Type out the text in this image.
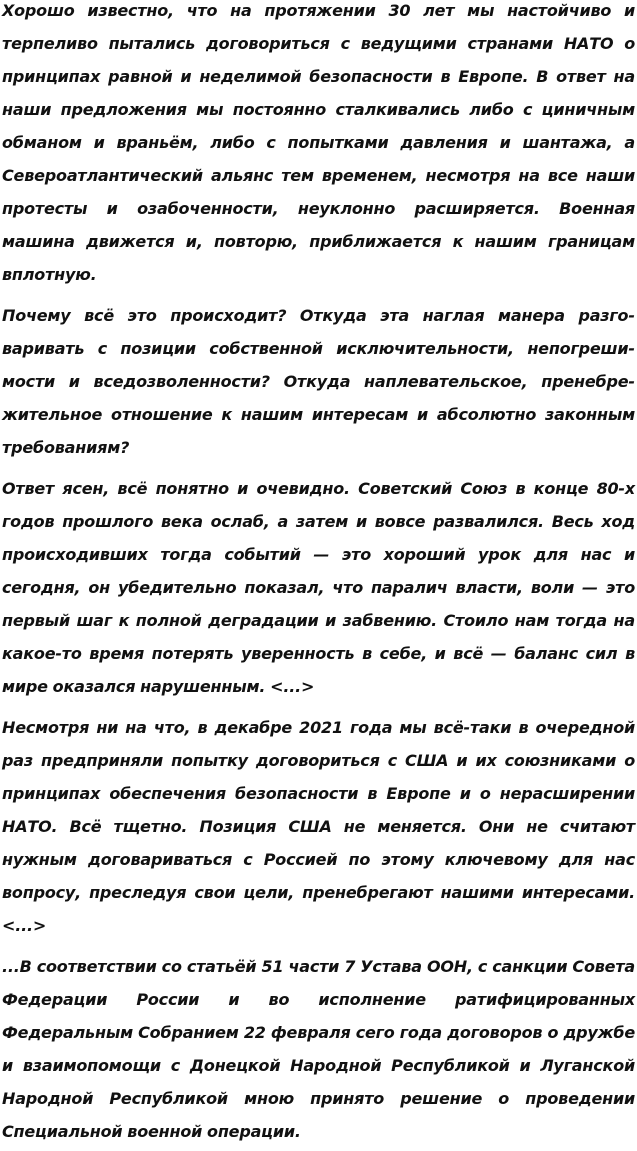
Хорошо известно, что на протяжении 30 лет мы настойчиво и терпеливо пытались договориться с ведущими странами НАТО о принципах равной и неделимой безопасности в Европе. В ответ на наши предложения мы постоянно сталкивались либо с циничным обманом и враньём, либо с попытками давления и шантажа, а Североатлантический альянс тем временем, несмотря на все наши протесты и озабоченности, неуклонно расширяется. Военная машина движется и, повторю, приближается к нашим границам вплотную.

Почему всё это происходит? Откуда эта наглая манера разговаривать с позиции собственной исключительности, непогрешимости и вседозволенности? Откуда наплевательское, пренебрежительное отношение к нашим интересам и абсолютно законным требованиям?

Ответ ясен, всё понятно и очевидно. Советский Союз в конце 80-х годов прошлого века ослаб, а затем и вовсе развалился. Весь ход происходивших тогда событий — это хороший урок для нас и сегодня, он убедительно показал, что паралич власти, воли — это первый шаг к полной деградации и забвению. Стоило нам тогда на какое-то время потерять уверенность в себе, и всё — баланс сил в мире оказался нарушенным. <...>

Несмотря ни на что, в декабре 2021 года мы всё-таки в очередной раз предприняли попытку договориться с США и их союзниками о принципах обеспечения безопасности в Европе и о нерасширении НАТО. Всё тщетно. Позиция США не меняется. Они не считают нужным договариваться с Россией по этому ключевому для нас вопросу, преследуя свои цели, пренебрегают нашими интересами. <...>

...В соответствии со статьёй 51 части 7 Устава ООН, с санкции Совета Федерации России и во исполнение ратифицированных Федеральным Собранием 22 февраля сего года договоров о дружбе и взаимопомощи с Донецкой Народной Республикой и Луганской Народной Республикой мною принято решение о проведении Специальной военной операции.
